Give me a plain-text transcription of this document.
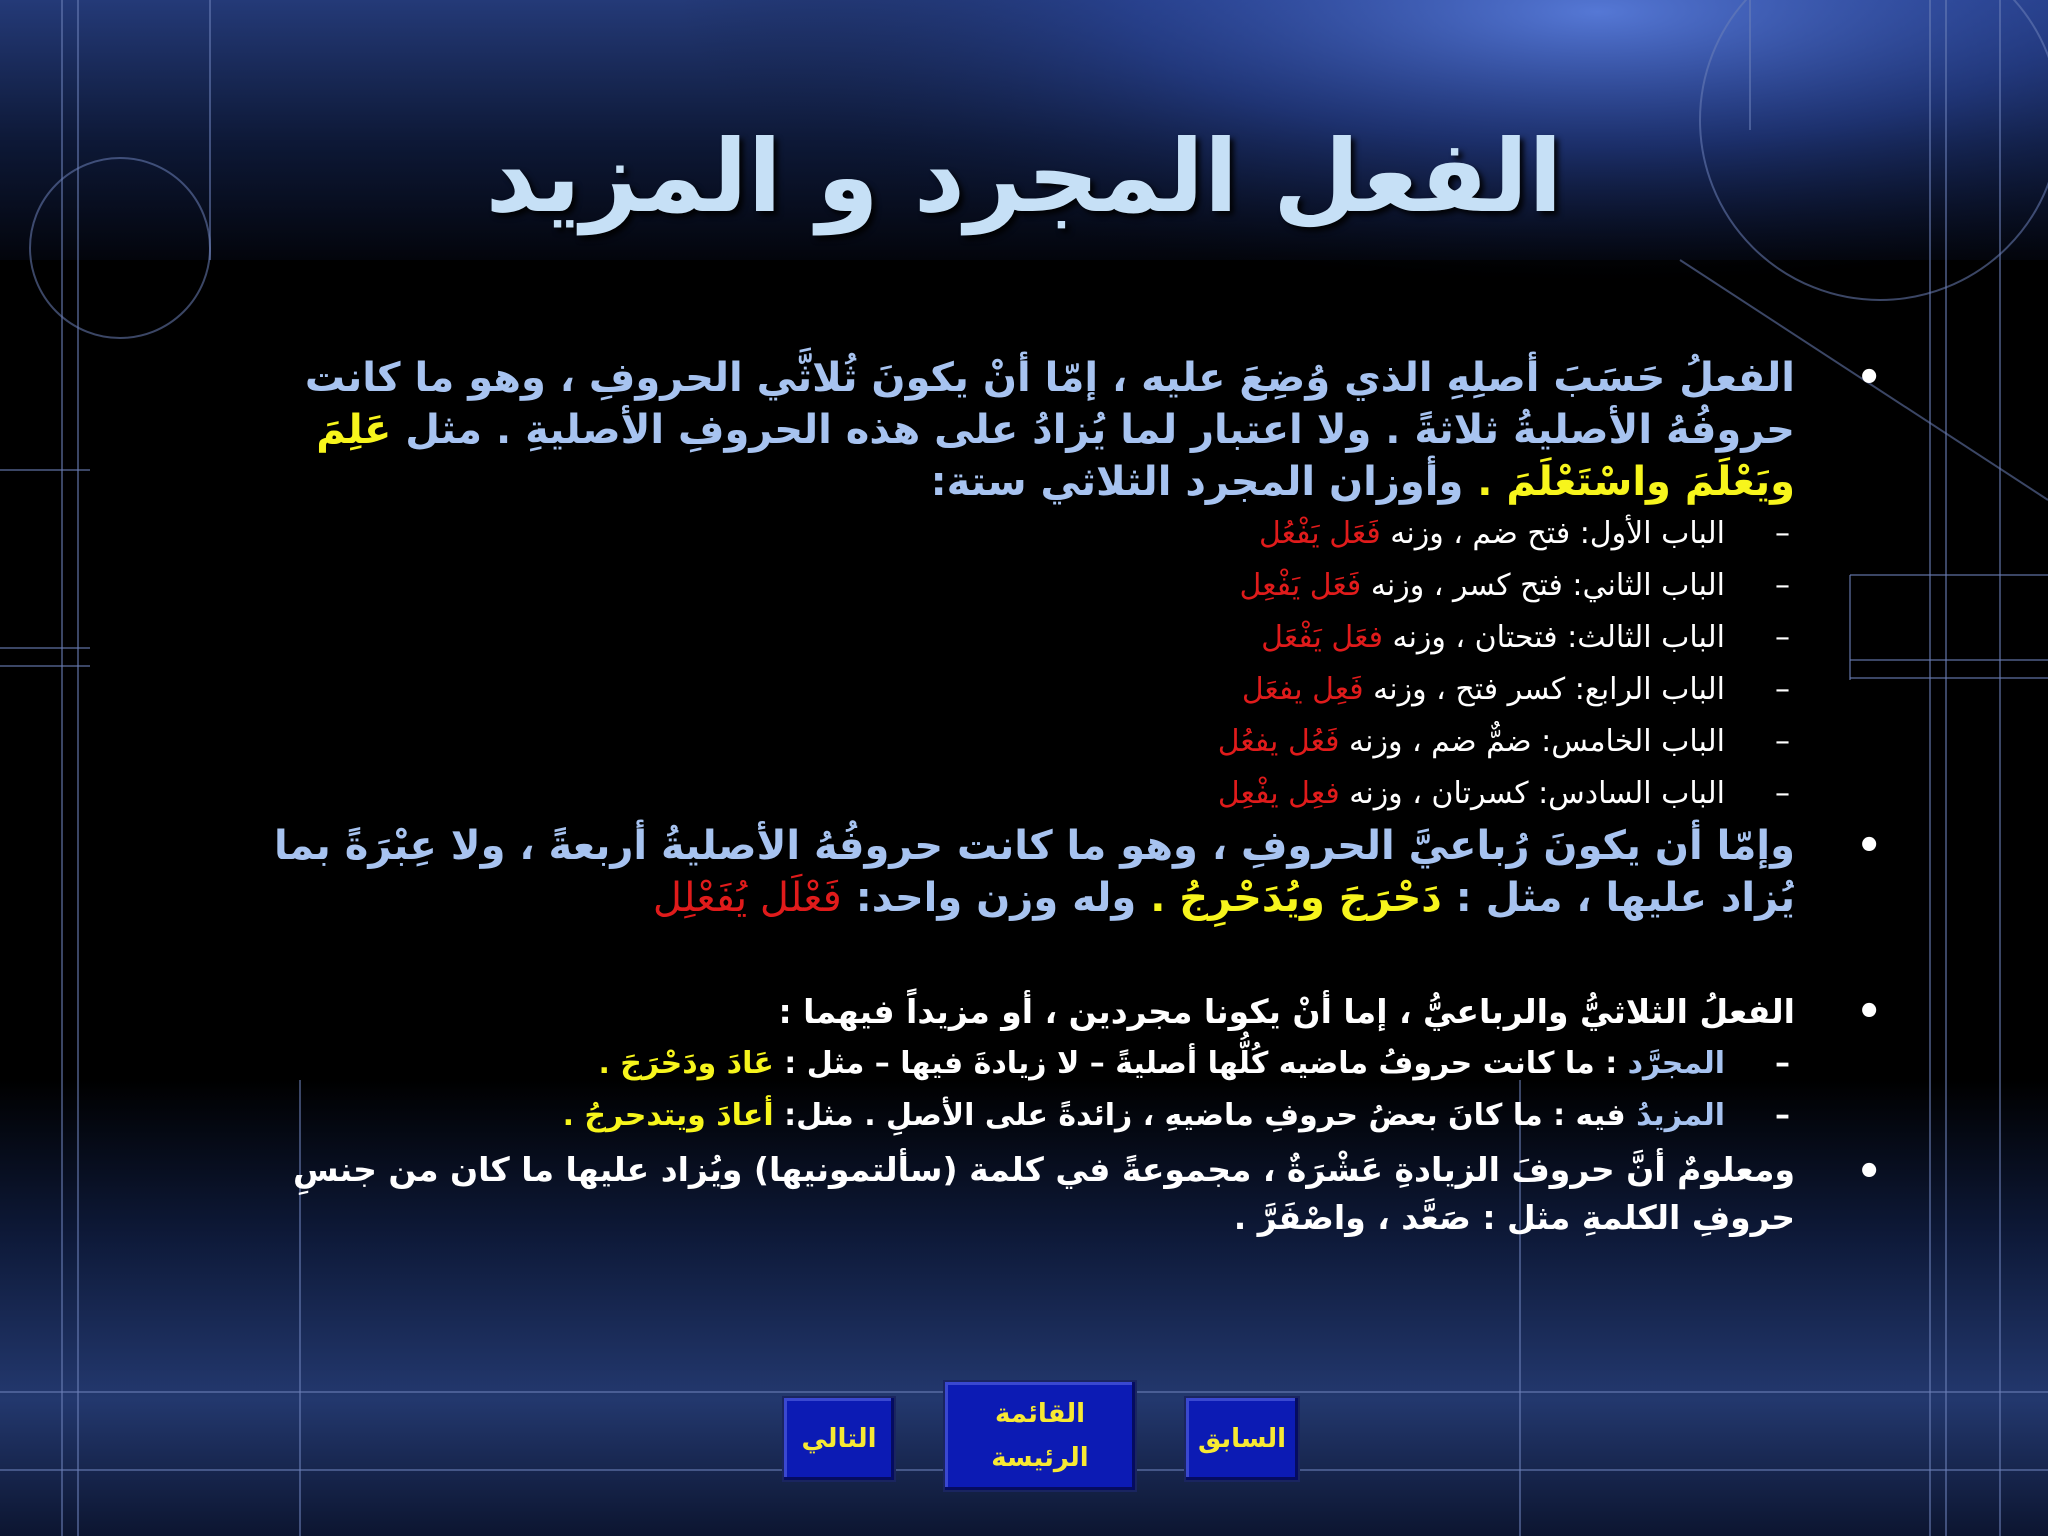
الفعل المجرد و المزيد

•
الفعلُ حَسَبَ أصلِهِ الذي وُضِعَ عليه ، إمّا أنْ يكونَ ثُلاثَّي الحروفِ ، وهو ما كانت حروفُهُ الأصليةُ ثلاثةً . ولا اعتبار لما يُزادُ على هذه الحروفِ الأصليةِ . مثل عَلِمَ ويَعْلَمَ واسْتَعْلَمَ . وأوزان المجرد الثلاثي ستة:

–
الباب الأول: فتح ضم ، وزنه فَعَل يَفْعُل

–
الباب الثاني: فتح كسر ، وزنه فَعَل يَفْعِل

–
الباب الثالث: فتحتان ، وزنه فعَل يَفْعَل

–
الباب الرابع: كسر فتح ، وزنه فَعِل يفعَل

–
الباب الخامس: ضمٌّ ضم ، وزنه فَعُل يفعُل

–
الباب السادس: كسرتان ، وزنه فعِل يفْعِل

•
وإمّا أن يكونَ رُباعيَّ الحروفِ ، وهو ما كانت حروفُهُ الأصليةُ أربعةً ، ولا عِبْرَةً بما يُزاد عليها ، مثل : دَحْرَجَ ويُدَحْرِجُ . وله وزن واحد: فَعْلَل يُفَعْلِل

•
الفعلُ الثلاثيُّ والرباعيُّ ، إما أنْ يكونا مجردين ، أو مزيداً فيهما :

–
المجرَّد : ما كانت حروفُ ماضيه كُلُّها أصليةً – لا زيادةَ فيها – مثل : عَادَ ودَحْرَجَ .

–
المزيدُ فيه : ما كانَ بعضُ حروفِ ماضيهِ ، زائدةً على الأصلِ . مثل: أعادَ ويتدحرجُ .

•
ومعلومٌ أنَّ حروفَ الزيادةِ عَشْرَةٌ ، مجموعةً في كلمة (سألتمونيها) ويُزاد عليها ما كان من جنسِ حروفِ الكلمةِ مثل : صَعَّد ، واصْفَرَّ .

التالي
القائمة الرئيسة
السابق
